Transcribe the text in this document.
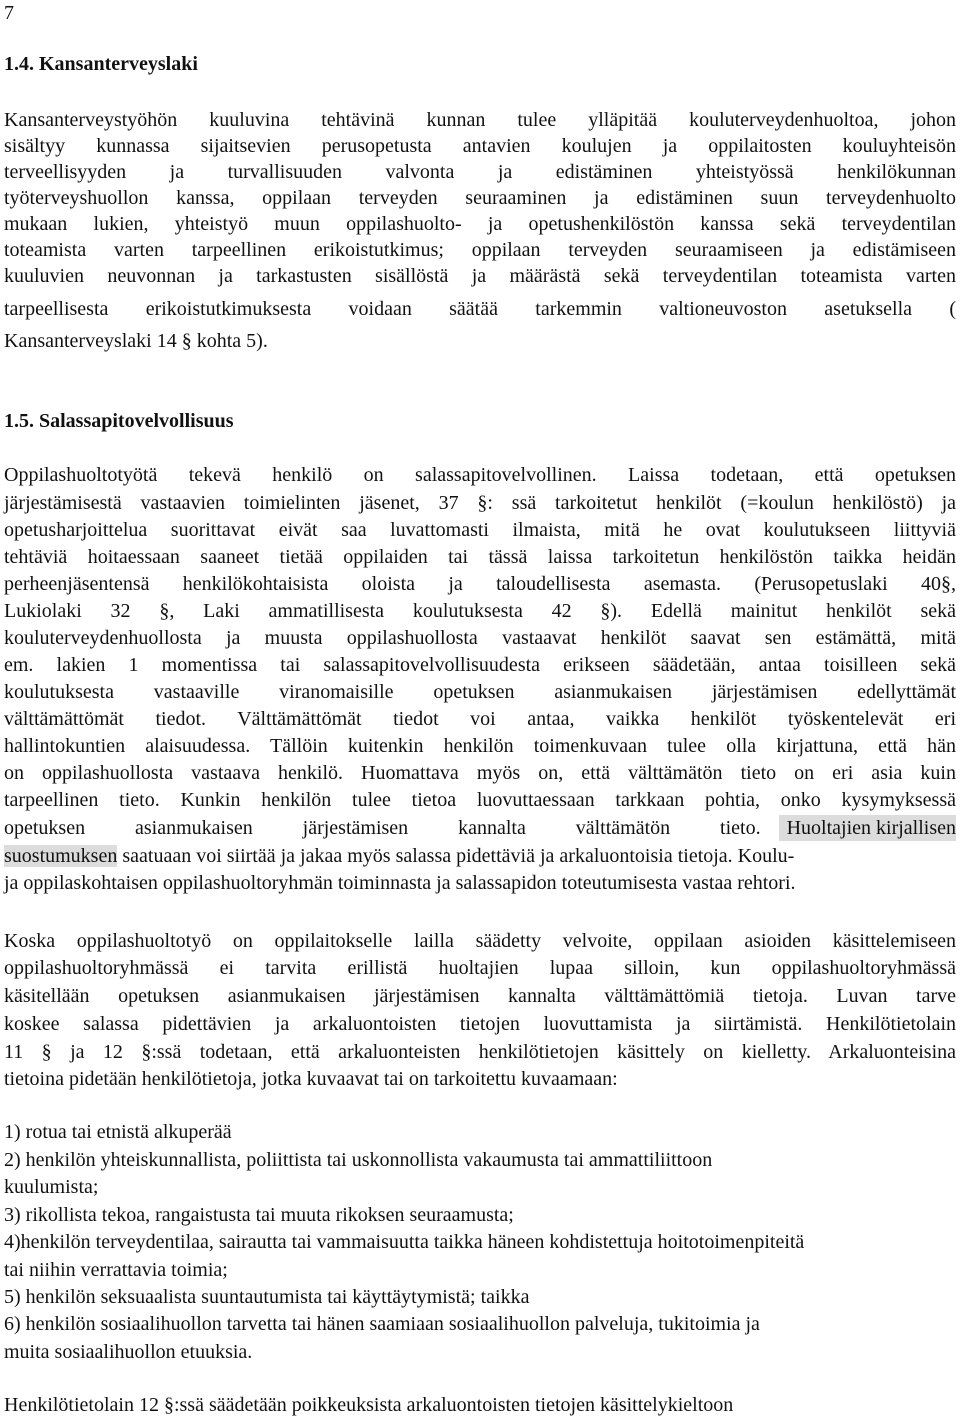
7
1.4. Kansanterveyslaki
Kansanterveystyöhön kuuluvina tehtävinä kunnan tulee ylläpitää kouluterveydenhuoltoa, johon
sisältyy kunnassa sijaitsevien perusopetusta antavien koulujen ja oppilaitosten kouluyhteisön
terveellisyyden ja turvallisuuden valvonta ja edistäminen yhteistyössä henkilökunnan
työterveyshuollon kanssa, oppilaan terveyden seuraaminen ja edistäminen suun terveydenhuolto
mukaan lukien, yhteistyö muun oppilashuolto- ja opetushenkilöstön kanssa sekä terveydentilan
toteamista varten tarpeellinen erikoistutkimus; oppilaan terveyden seuraamiseen ja edistämiseen
kuuluvien neuvonnan ja tarkastusten sisällöstä ja määrästä sekä terveydentilan toteamista varten
tarpeellisesta erikoistutkimuksesta voidaan säätää tarkemmin valtioneuvoston asetuksella (
Kansanterveyslaki 14 § kohta 5).
1.5. Salassapitovelvollisuus
Oppilashuoltotyötä tekevä henkilö on salassapitovelvollinen. Laissa todetaan, että opetuksen
järjestämisestä vastaavien toimielinten jäsenet, 37 §: ssä tarkoitetut henkilöt (=koulun henkilöstö) ja
opetusharjoittelua suorittavat eivät saa luvattomasti ilmaista, mitä he ovat koulutukseen liittyviä
tehtäviä hoitaessaan saaneet tietää oppilaiden tai tässä laissa tarkoitetun henkilöstön taikka heidän
perheenjäsentensä henkilökohtaisista oloista ja taloudellisesta asemasta. (Perusopetuslaki 40§,
Lukiolaki 32 §, Laki ammatillisesta koulutuksesta 42 §). Edellä mainitut henkilöt sekä
kouluterveydenhuollosta ja muusta oppilashuollosta vastaavat henkilöt saavat sen estämättä, mitä
em. lakien 1 momentissa tai salassapitovelvollisuudesta erikseen säädetään, antaa toisilleen sekä
koulutuksesta vastaaville viranomaisille opetuksen asianmukaisen järjestämisen edellyttämät
välttämättömät tiedot. Välttämättömät tiedot voi antaa, vaikka henkilöt työskentelevät eri
hallintokuntien alaisuudessa. Tällöin kuitenkin henkilön toimenkuvaan tulee olla kirjattuna, että hän
on oppilashuollosta vastaava henkilö. Huomattava myös on, että välttämätön tieto on eri asia kuin
tarpeellinen tieto. Kunkin henkilön tulee tietoa luovuttaessaan tarkkaan pohtia, onko kysymyksessä
opetuksen asianmukaisen järjestämisen kannalta välttämätön tieto.	Huoltajien kirjallisen
suostumuksen saatuaan voi siirtää ja jakaa myös salassa pidettäviä ja arkaluontoisia tietoja. Koulu-
ja oppilaskohtaisen oppilashuoltoryhmän toiminnasta ja salassapidon toteutumisesta vastaa rehtori.
Koska oppilashuoltotyö on oppilaitokselle lailla säädetty velvoite, oppilaan asioiden käsittelemiseen
oppilashuoltoryhmässä ei tarvita erillistä huoltajien lupaa silloin, kun oppilashuoltoryhmässä
käsitellään opetuksen asianmukaisen järjestämisen kannalta välttämättömiä tietoja. Luvan tarve
koskee salassa pidettävien ja arkaluontoisten tietojen luovuttamista ja siirtämistä. Henkilötietolain
11 § ja 12 §:ssä todetaan, että arkaluonteisten henkilötietojen käsittely on kielletty. Arkaluonteisina
tietoina pidetään henkilötietoja, jotka kuvaavat tai on tarkoitettu kuvaamaan:
1) rotua tai etnistä alkuperää
2) henkilön yhteiskunnallista, poliittista tai uskonnollista vakaumusta tai ammattiliittoon
kuulumista;
3) rikollista tekoa, rangaistusta tai muuta rikoksen seuraamusta;
4)henkilön terveydentilaa, sairautta tai vammaisuutta taikka häneen kohdistettuja hoitotoimenpiteitä
tai niihin verrattavia toimia;
5) henkilön seksuaalista suuntautumista tai käyttäytymistä; taikka
6) henkilön sosiaalihuollon tarvetta tai hänen saamiaan sosiaalihuollon palveluja, tukitoimia ja
muita sosiaalihuollon etuuksia.
Henkilötietolain 12 §:ssä säädetään poikkeuksista arkaluontoisten tietojen käsittelykieltoon
